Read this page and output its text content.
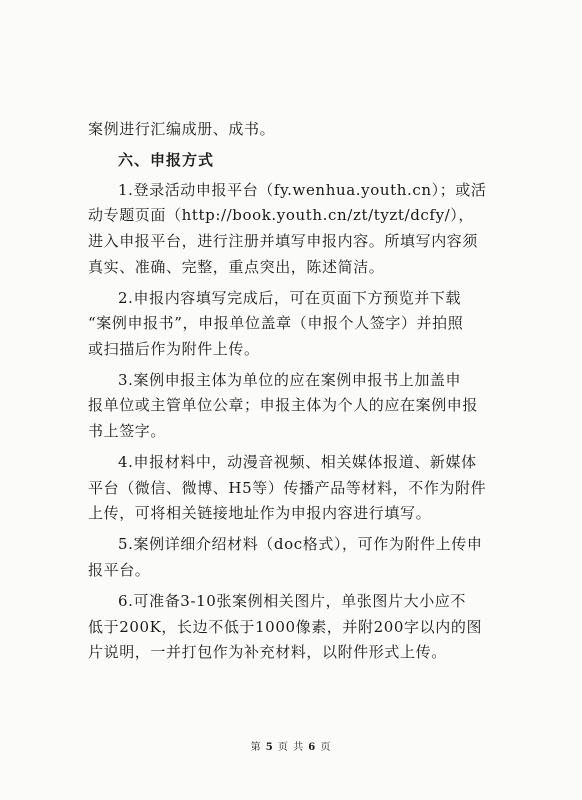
案例进行汇编成册、成书。
六、申报方式
1.登录活动申报平台（fy.wenhua.youth.cn）；或活
动专题页面（http://book.youth.cn/zt/tyzt/dcfy/），
进入申报平台，进行注册并填写申报内容。所填写内容须
真实、准确、完整，重点突出，陈述简洁。
2.申报内容填写完成后，可在页面下方预览并下载
“案例申报书”，申报单位盖章（申报个人签字）并拍照
或扫描后作为附件上传。
3.案例申报主体为单位的应在案例申报书上加盖申
报单位或主管单位公章；申报主体为个人的应在案例申报
书上签字。
4.申报材料中，动漫音视频、相关媒体报道、新媒体
平台（微信、微博、H5等）传播产品等材料，不作为附件
上传，可将相关链接地址作为申报内容进行填写。
5.案例详细介绍材料（doc格式），可作为附件上传申
报平台。
6.可准备3-10张案例相关图片，单张图片大小应不
低于200K，长边不低于1000像素，并附200字以内的图
片说明，一并打包作为补充材料，以附件形式上传。
第 5 页 共 6 页
